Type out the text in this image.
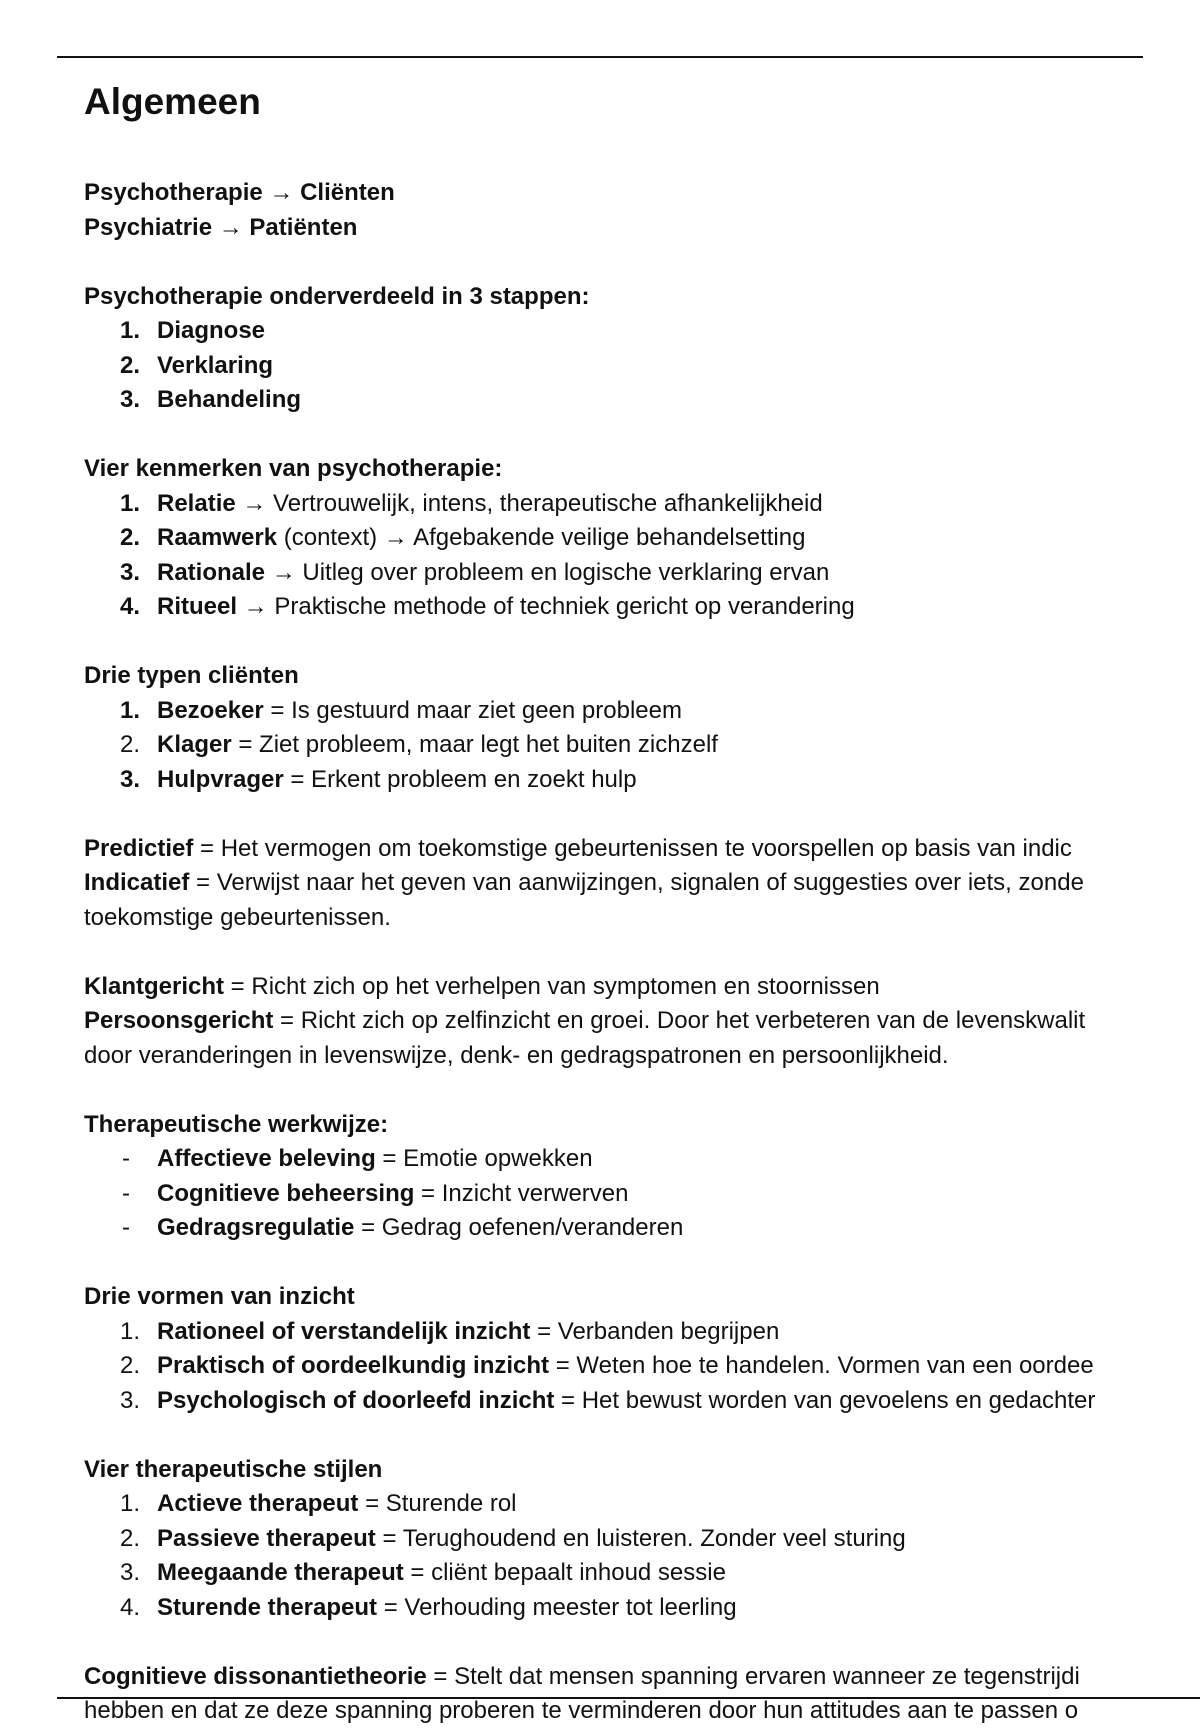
Algemeen
Psychotherapie → Cliënten
Psychiatrie → Patiënten
Psychotherapie onderverdeeld in 3 stappen:
1. Diagnose
2. Verklaring
3. Behandeling
Vier kenmerken van psychotherapie:
1. Relatie → Vertrouwelijk, intens, therapeutische afhankelijkheid
2. Raamwerk (context) → Afgebakende veilige behandelsetting
3. Rationale → Uitleg over probleem en logische verklaring ervan
4. Ritueel → Praktische methode of techniek gericht op verandering
Drie typen cliënten
1. Bezoeker = Is gestuurd maar ziet geen probleem
2. Klager = Ziet probleem, maar legt het buiten zichzelf
3. Hulpvrager = Erkent probleem en zoekt hulp
Predictief = Het vermogen om toekomstige gebeurtenissen te voorspellen op basis van indic
Indicatief = Verwijst naar het geven van aanwijzingen, signalen of suggesties over iets, zonde
toekomstige gebeurtenissen.
Klantgericht = Richt zich op het verhelpen van symptomen en stoornissen
Persoonsgericht = Richt zich op zelfinzicht en groei. Door het verbeteren van de levenskwalit
door veranderingen in levenswijze, denk- en gedragspatronen en persoonlijkheid.
Therapeutische werkwijze:
-	Affectieve beleving = Emotie opwekken
-	Cognitieve beheersing = Inzicht verwerven
-	Gedragsregulatie = Gedrag oefenen/veranderen
Drie vormen van inzicht
1. Rationeel of verstandelijk inzicht = Verbanden begrijpen
2. Praktisch of oordeelkundig inzicht = Weten hoe te handelen. Vormen van een oordee
3. Psychologisch of doorleefd inzicht = Het bewust worden van gevoelens en gedachter
Vier therapeutische stijlen
1. Actieve therapeut = Sturende rol
2. Passieve therapeut = Terughoudend en luisteren. Zonder veel sturing
3. Meegaande therapeut = cliënt bepaalt inhoud sessie
4. Sturende therapeut = Verhouding meester tot leerling
Cognitieve dissonantietheorie = Stelt dat mensen spanning ervaren wanneer ze tegenstrijdi
hebben en dat ze deze spanning proberen te verminderen door hun attitudes aan te passen o
